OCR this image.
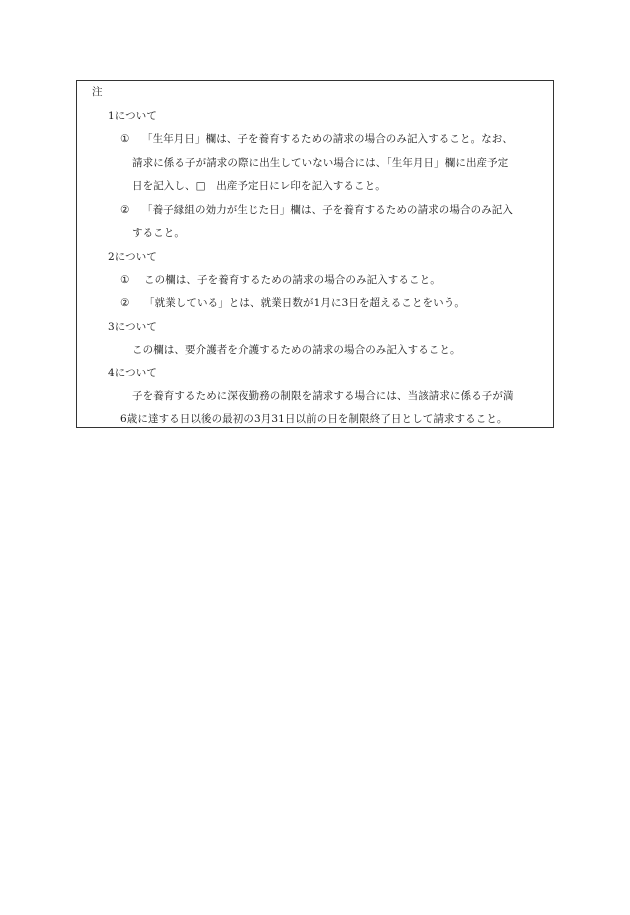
注
1について
① 「生年月日」欄は、子を養育するための請求の場合のみ記入すること。なお、
請求に係る子が請求の際に出生していない場合には、「生年月日」欄に出産予定
日を記入し、□　出産予定日にレ印を記入すること。
② 「養子縁組の効力が生じた日」欄は、子を養育するための請求の場合のみ記入
すること。
2について
① この欄は、子を養育するための請求の場合のみ記入すること。
② 「就業している」とは、就業日数が1月に3日を超えることをいう。
3について
この欄は、要介護者を介護するための請求の場合のみ記入すること。
4について
子を養育するために深夜勤務の制限を請求する場合には、当該請求に係る子が満
6歳に達する日以後の最初の3月31日以前の日を制限終了日として請求すること。
